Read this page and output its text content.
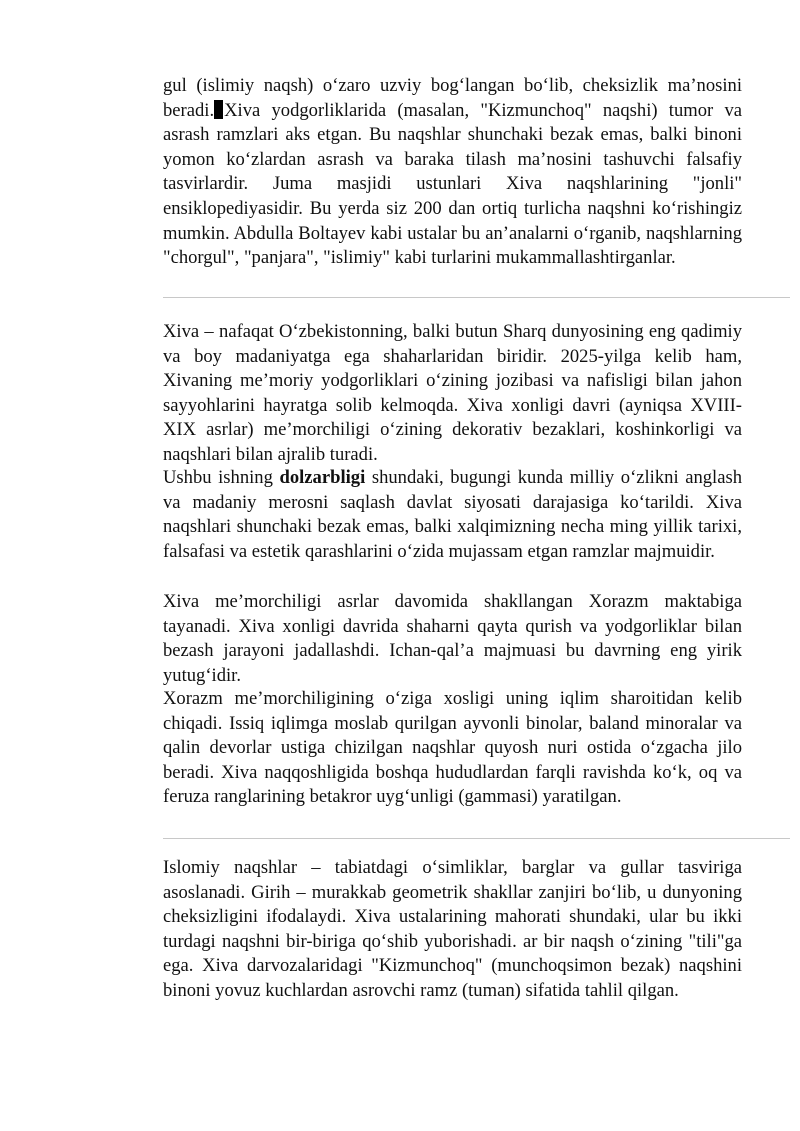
gul (islimiy naqsh) o‘zaro uzviy bog‘langan bo‘lib, cheksizlik ma’nosini beradi. Xiva yodgorliklarida (masalan, "Kizmunchoq" naqshi) tumor va asrash ramzlari aks etgan. Bu naqshlar shunchaki bezak emas, balki binoni yomon ko‘zlardan asrash va baraka tilash ma’nosini tashuvchi falsafiy tasvirlardir. Juma masjidi ustunlari Xiva naqshlarining "jonli" ensiklopediyasidir. Bu yerda siz 200 dan ortiq turlicha naqshni ko‘rishingiz mumkin. Abdulla Boltayev kabi ustalar bu an’analarni o‘rganib, naqshlarning "chorgul", "panjara", "islimiy" kabi turlarini mukammallashtirganlar.

Xiva – nafaqat O‘zbekistonning, balki butun Sharq dunyosining eng qadimiy va boy madaniyatga ega shaharlaridan biridir. 2025-yilga kelib ham, Xivaning me’moriy yodgorliklari o‘zining jozibasi va nafisligi bilan jahon sayyohlarini hayratga solib kelmoqda. Xiva xonligi davri (ayniqsa XVIII-XIX asrlar) me’morchiligi o‘zining dekorativ bezaklari, koshinkorligi va naqshlari bilan ajralib turadi.

Ushbu ishning dolzarbligi shundaki, bugungi kunda milliy o‘zlikni anglash va madaniy merosni saqlash davlat siyosati darajasiga ko‘tarildi. Xiva naqshlari shunchaki bezak emas, balki xalqimizning necha ming yillik tarixi, falsafasi va estetik qarashlarini o‘zida mujassam etgan ramzlar majmuidir.

Xiva me’morchiligi asrlar davomida shakllangan Xorazm maktabiga tayanadi. Xiva xonligi davrida shaharni qayta qurish va yodgorliklar bilan bezash jarayoni jadallashdi. Ichan-qal’a majmuasi bu davrning eng yirik yutug‘idir.

Xorazm me’morchiligining o‘ziga xosligi uning iqlim sharoitidan kelib chiqadi. Issiq iqlimga moslab qurilgan ayvonli binolar, baland minoralar va qalin devorlar ustiga chizilgan naqshlar quyosh nuri ostida o‘zgacha jilo beradi. Xiva naqqoshligida boshqa hududlardan farqli ravishda ko‘k, oq va feruza ranglarining betakror uyg‘unligi (gammasi) yaratilgan.

Islomiy naqshlar – tabiatdagi o‘simliklar, barglar va gullar tasviriga asoslanadi. Girih – murakkab geometrik shakllar zanjiri bo‘lib, u dunyoning cheksizligini ifodalaydi. Xiva ustalarining mahorati shundaki, ular bu ikki turdagi naqshni bir-biriga qo‘shib yuborishadi. ar bir naqsh o‘zining "tili"ga ega. Xiva darvozalaridagi "Kizmunchoq" (munchoqsimon bezak) naqshini binoni yovuz kuchlardan asrovchi ramz (tuman) sifatida tahlil qilgan.
